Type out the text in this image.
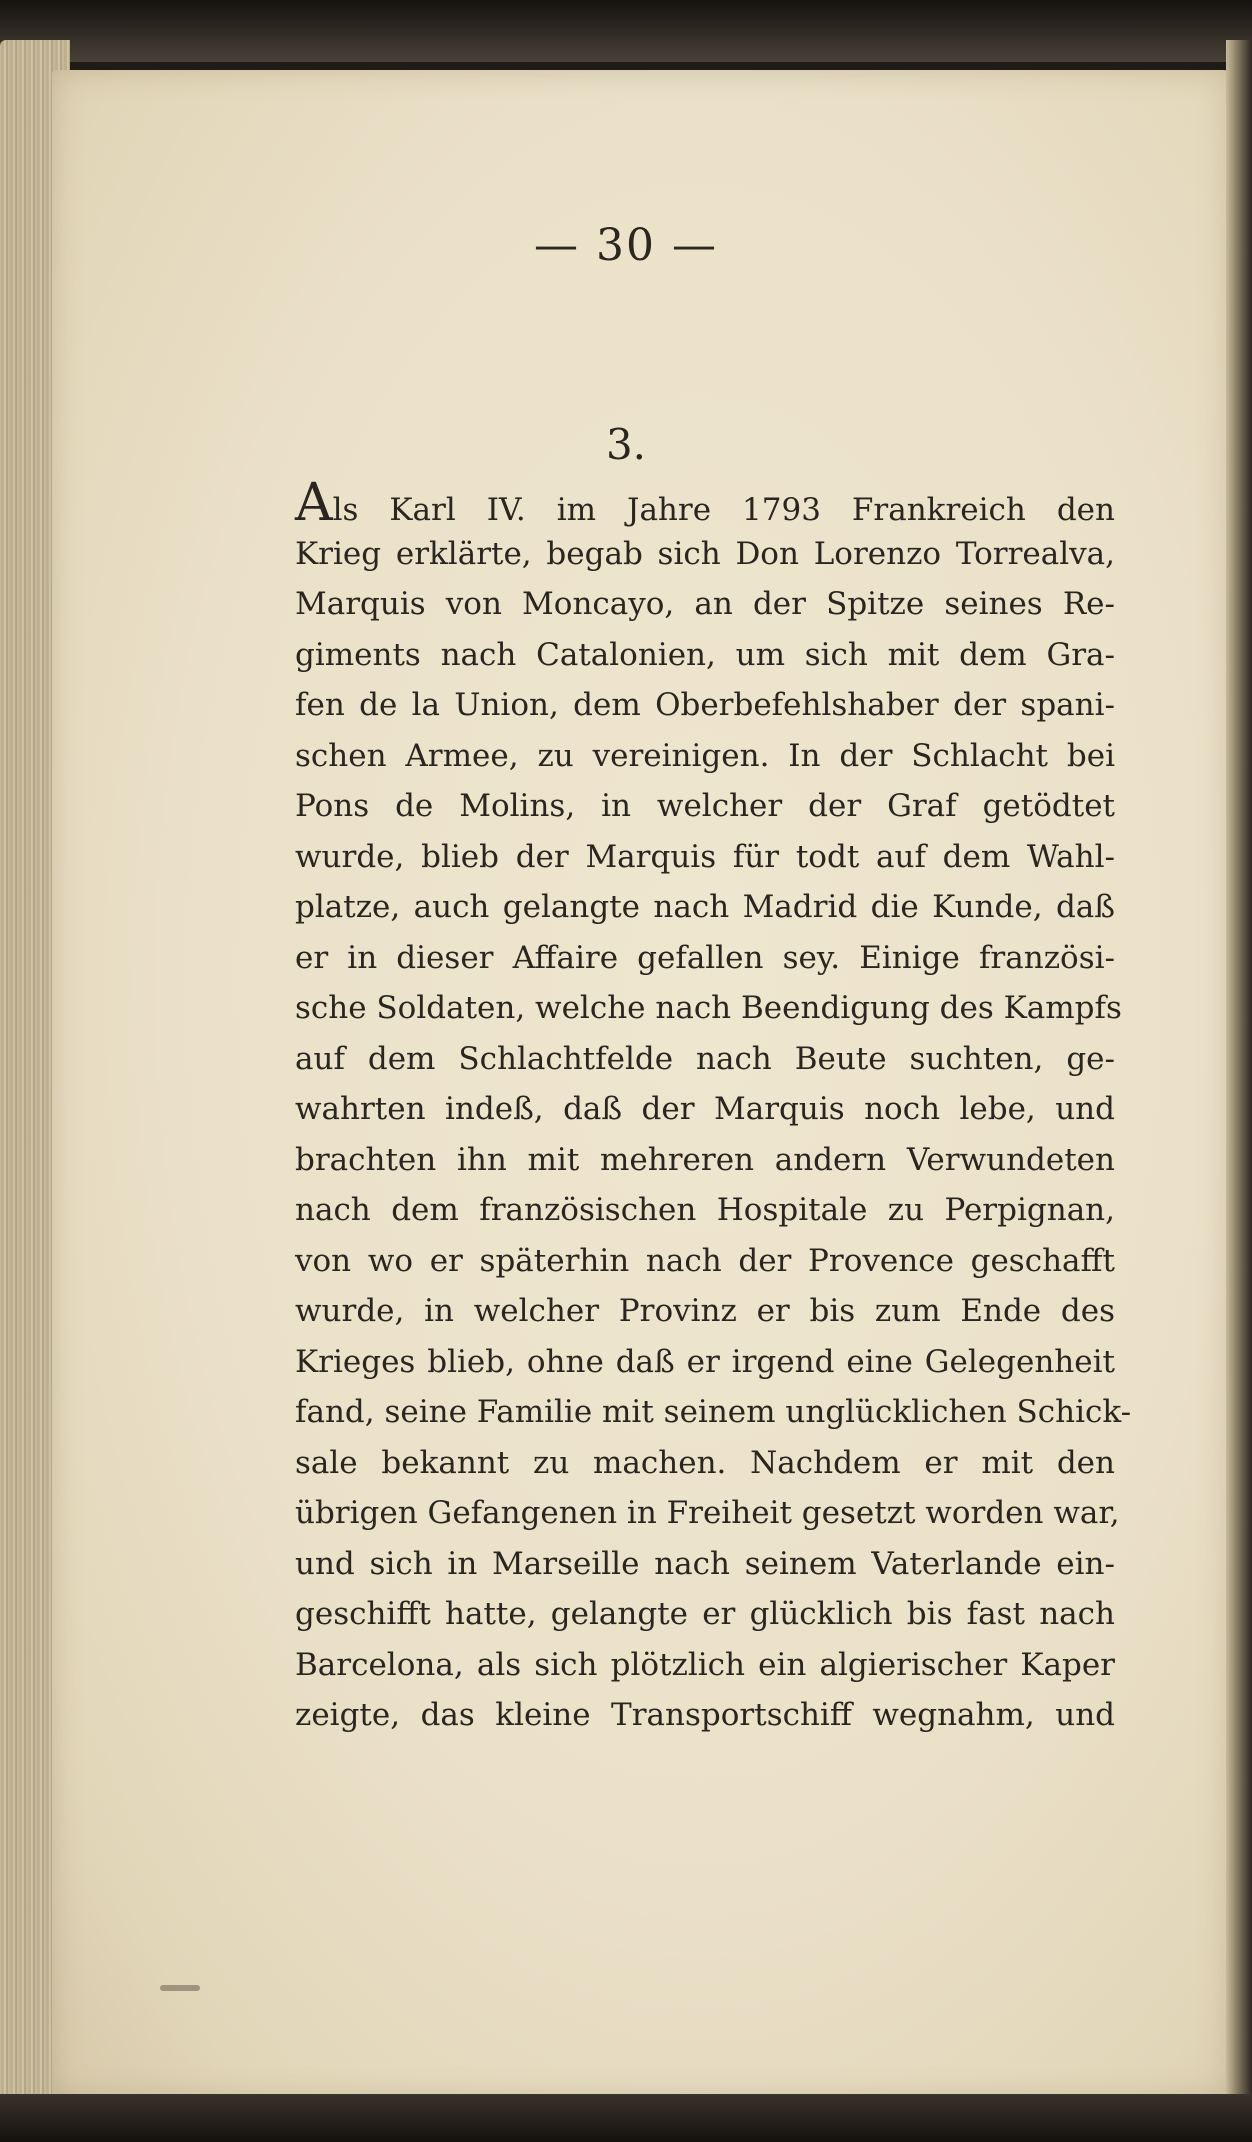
— 30 —
3.
Als Karl IV. im Jahre 1793 Frankreich den
Krieg erklärte, begab sich Don Lorenzo Torrealva,
Marquis von Moncayo, an der Spitze seines Re-
giments nach Catalonien, um sich mit dem Gra-
fen de la Union, dem Oberbefehlshaber der spani-
schen Armee, zu vereinigen. In der Schlacht bei
Pons de Molins, in welcher der Graf getödtet
wurde, blieb der Marquis für todt auf dem Wahl-
platze, auch gelangte nach Madrid die Kunde, daß
er in dieser Affaire gefallen sey. Einige französi-
sche Soldaten, welche nach Beendigung des Kampfs
auf dem Schlachtfelde nach Beute suchten, ge-
wahrten indeß, daß der Marquis noch lebe, und
brachten ihn mit mehreren andern Verwundeten
nach dem französischen Hospitale zu Perpignan,
von wo er späterhin nach der Provence geschafft
wurde, in welcher Provinz er bis zum Ende des
Krieges blieb, ohne daß er irgend eine Gelegenheit
fand, seine Familie mit seinem unglücklichen Schick-
sale bekannt zu machen. Nachdem er mit den
übrigen Gefangenen in Freiheit gesetzt worden war,
und sich in Marseille nach seinem Vaterlande ein-
geschifft hatte, gelangte er glücklich bis fast nach
Barcelona, als sich plötzlich ein algierischer Kaper
zeigte, das kleine Transportschiff wegnahm, und
